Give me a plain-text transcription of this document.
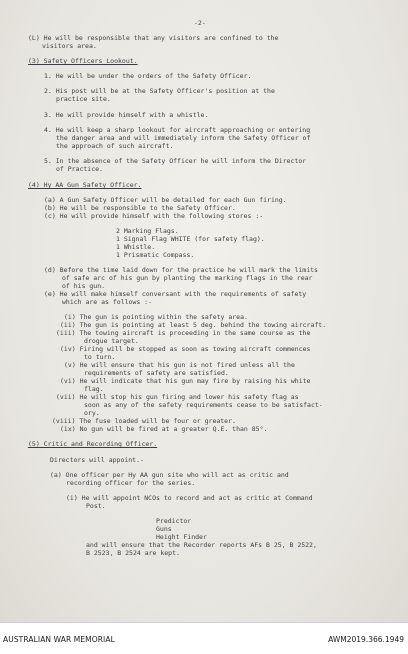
-2-

(L) He will be responsible that any visitors are confined to the

visitors area.

(3) Safety Officers Lookout.

1. He will be under the orders of the Safety Officer.

2. His post will be at the Safety Officer's position at the

practice site.

3. He will provide himself with a whistle.

4. He will keep a sharp lookout for aircraft approaching or entering

the danger area and will immediately inform the Safety Officer of

the approach of such aircraft.

5. In the absence of the Safety Officer he will inform the Director

of Practice.

(4) Hy AA Gun Safety Officer.

(a) A Gun Safety Officer will be detailed for each Gun firing.

(b) He will be responsible to the Safety Officer.

(c) He will provide himself with the following stores :-

2 Marking Flags.

1 Signal Flag WHITE (for safety flag).

1 Whistle.

1 Prismatic Compass.

(d) Before the time laid down for the practice he will mark the limits

of safe arc of his gun by planting the marking flags in the rear

of his gun.

(e) He will make himself conversant with the requirements of safety

which are as follows :-

(i) The gun is pointing within the safety area.

(ii) The gun is pointing at least 5 deg. behind the towing aircraft.

(iii) The towing aircraft is proceeding in the same course as the

drogue target.

(iv) Firing will be stopped as soon as towing aircraft commences

to turn.

(v) He will ensure that his gun is not fired unless all the

requirements of safety are satisfied.

(vi) He will indicate that his gun may fire by raising his white

flag.

(vii) He will stop his gun firing and lower his safety flag as

soon as any of the safety requirements cease to be satisfact-

ory.

(viii) The fuse loaded will be four or greater.

(ix) No gun will be fired at a greater Q.E. than 85°.

(5) Critic and Recording Officer.

Directors will appoint.-

(a) One officer per Hy AA gun site who will act as critic and

recording officer for the series.

(i) He will appoint NCOs to record and act as critic at Command

Post.

Predictor

Guns

Height Finder

and will ensure that the Recorder reports AFs B 25, B 2522,

B 2523, B 2524 are kept.

AUSTRALIAN WAR MEMORIAL	AWM2019.366.1949
